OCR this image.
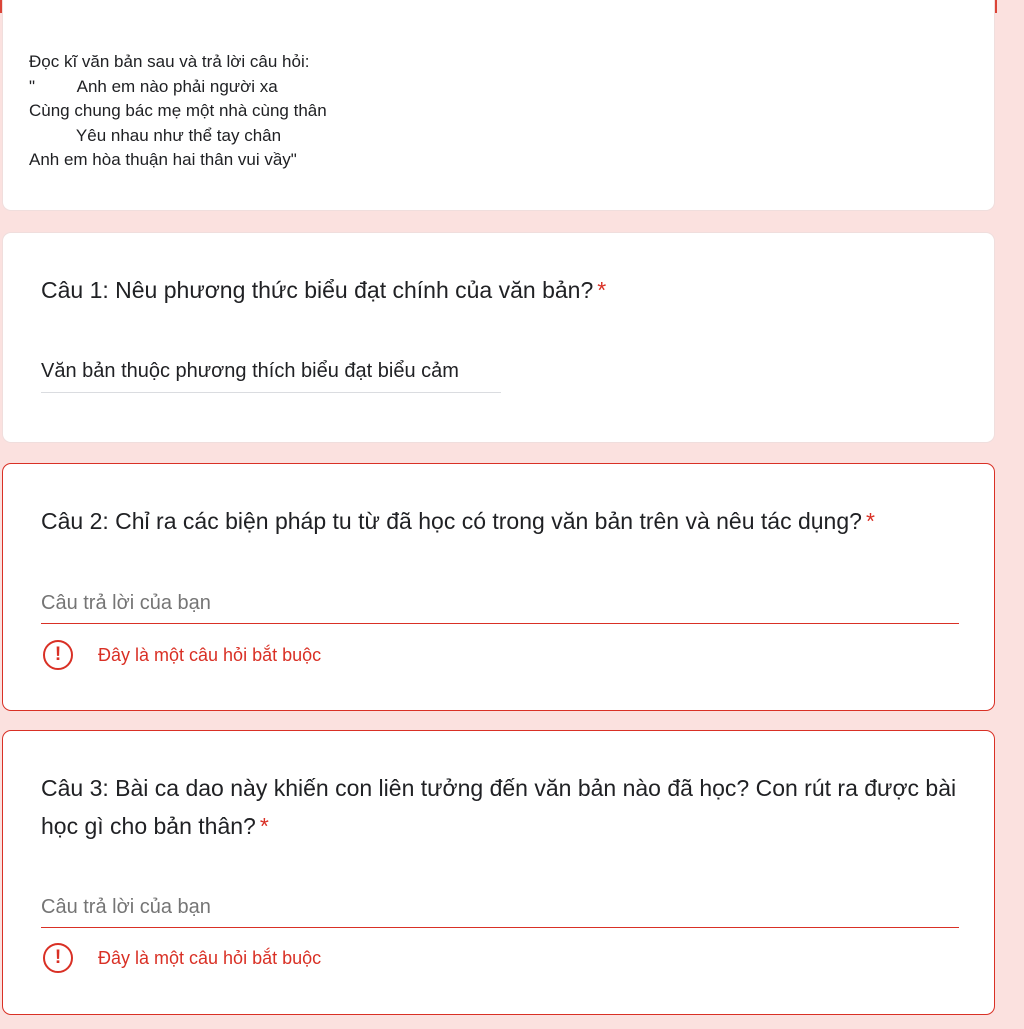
Đọc kĩ văn bản sau và trả lời câu hỏi:
"         Anh em nào phải người xa
Cùng chung bác mẹ một nhà cùng thân
Yêu nhau như thể tay chân
Anh em hòa thuận hai thân vui vầy"
Câu 1: Nêu phương thức biểu đạt chính của văn bản? *
Văn bản thuộc phương thích biểu đạt biểu cảm
Câu 2: Chỉ ra các biện pháp tu từ đã học có trong văn bản trên và nêu tác dụng? *
Câu trả lời của bạn
!	Đây là một câu hỏi bắt buộc
Câu 3: Bài ca dao này khiến con liên tưởng đến văn bản nào đã học? Con rút ra được bài học gì cho bản thân? *
Câu trả lời của bạn
!	Đây là một câu hỏi bắt buộc
